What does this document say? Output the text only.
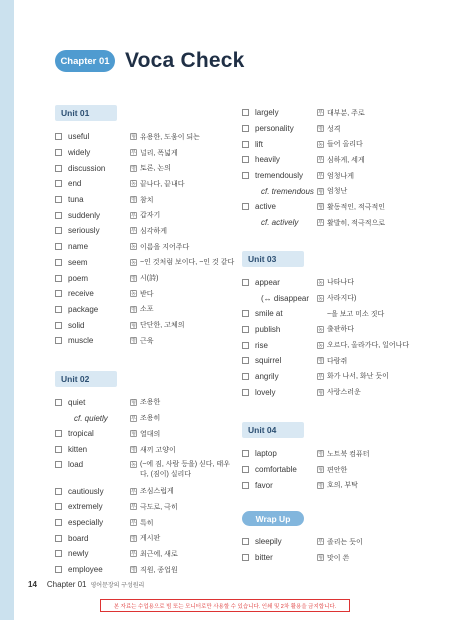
Chapter 01 Voca Check
Unit 01
useful	형 유용한, 도움이 되는
widely	부 널리, 폭넓게
discussion	명 토론, 논의
end	동 끝나다, 끝내다
tuna	명 참치
suddenly	부 갑자기
seriously	부 심각하게
name	동 이름을 지어주다
seem	동 ~인 것처럼 보이다, ~인 것 같다
poem	명 시(詩)
receive	동 받다
package	명 소포
solid	형 단단한, 고체의
muscle	명 근육
Unit 02
quiet	형 조용한
cf. quietly	부 조용히
tropical	형 열대의
kitten	명 새끼 고양이
load	동 (~에 짐, 사람 등을) 싣다, 태우다, (짐이) 실리다
cautiously	부 조심스럽게
extremely	부 극도로, 극히
especially	부 특히
board	명 게시판
newly	부 최근에, 새로
employee	명 직원, 종업원
largely	부 대부분, 주로
personality	명 성격
lift	동 들어 올리다
heavily	부 심하게, 세게
tremendously	부 엄청나게
cf. tremendous 형 엄청난
active	형 활동적인, 적극적인
cf. actively	부 활발히, 적극적으로
Unit 03
appear	동 나타나다
(↔ disappear	동 사라지다)
smile at	~을 보고 미소 짓다
publish	동 출판하다
rise	동 오르다, 올라가다, 일어나다
squirrel	명 다람쥐
angrily	부 화가 나서, 화난 듯이
lovely	형 사랑스러운
Unit 04
laptop	명 노트북 컴퓨터
comfortable	형 편안한
favor	명 호의, 부탁
Wrap Up
sleepily	부 졸리는 듯이
bitter	형 맛이 쓴
14 Chapter 01 영어문장의 구성원리
본 자료는 수업용으로 빔 또는 모니터로만 사용할 수 있습니다. 인쇄 및 2차 활용을 금지합니다.
